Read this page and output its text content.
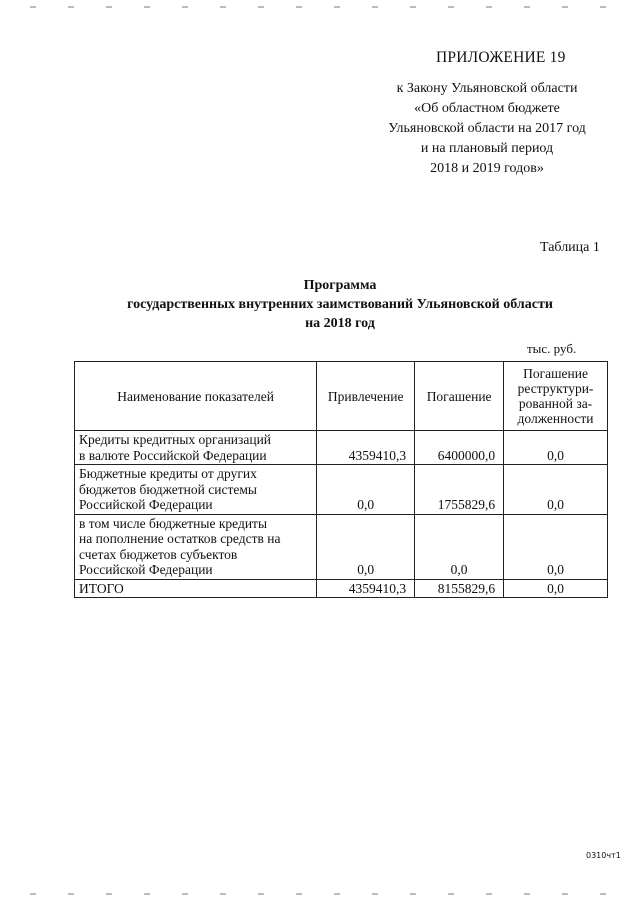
ПРИЛОЖЕНИЕ 19
к Закону Ульяновской области
«Об областном бюджете
Ульяновской области на 2017 год
и на плановый период
2018 и 2019 годов»
Таблица 1
Программа
государственных внутренних заимствований Ульяновской области
на 2018 год
тыс. руб.
Наименование показателей	Привлечение	Погашение	Погашение
реструктури-
рованной за-
долженности

Кредиты кредитных организаций
в валюте Российской Федерации	4359410,3	6400000,0	0,0

Бюджетные кредиты от других
бюджетов бюджетной системы
Российской Федерации	0,0	1755829,6	0,0

в том числе бюджетные кредиты
на пополнение остатков средств на
счетах бюджетов субъектов
Российской Федерации	0,0	0,0	0,0
ИТОГО	4359410,3	8155829,6	0,0
0310чт1
